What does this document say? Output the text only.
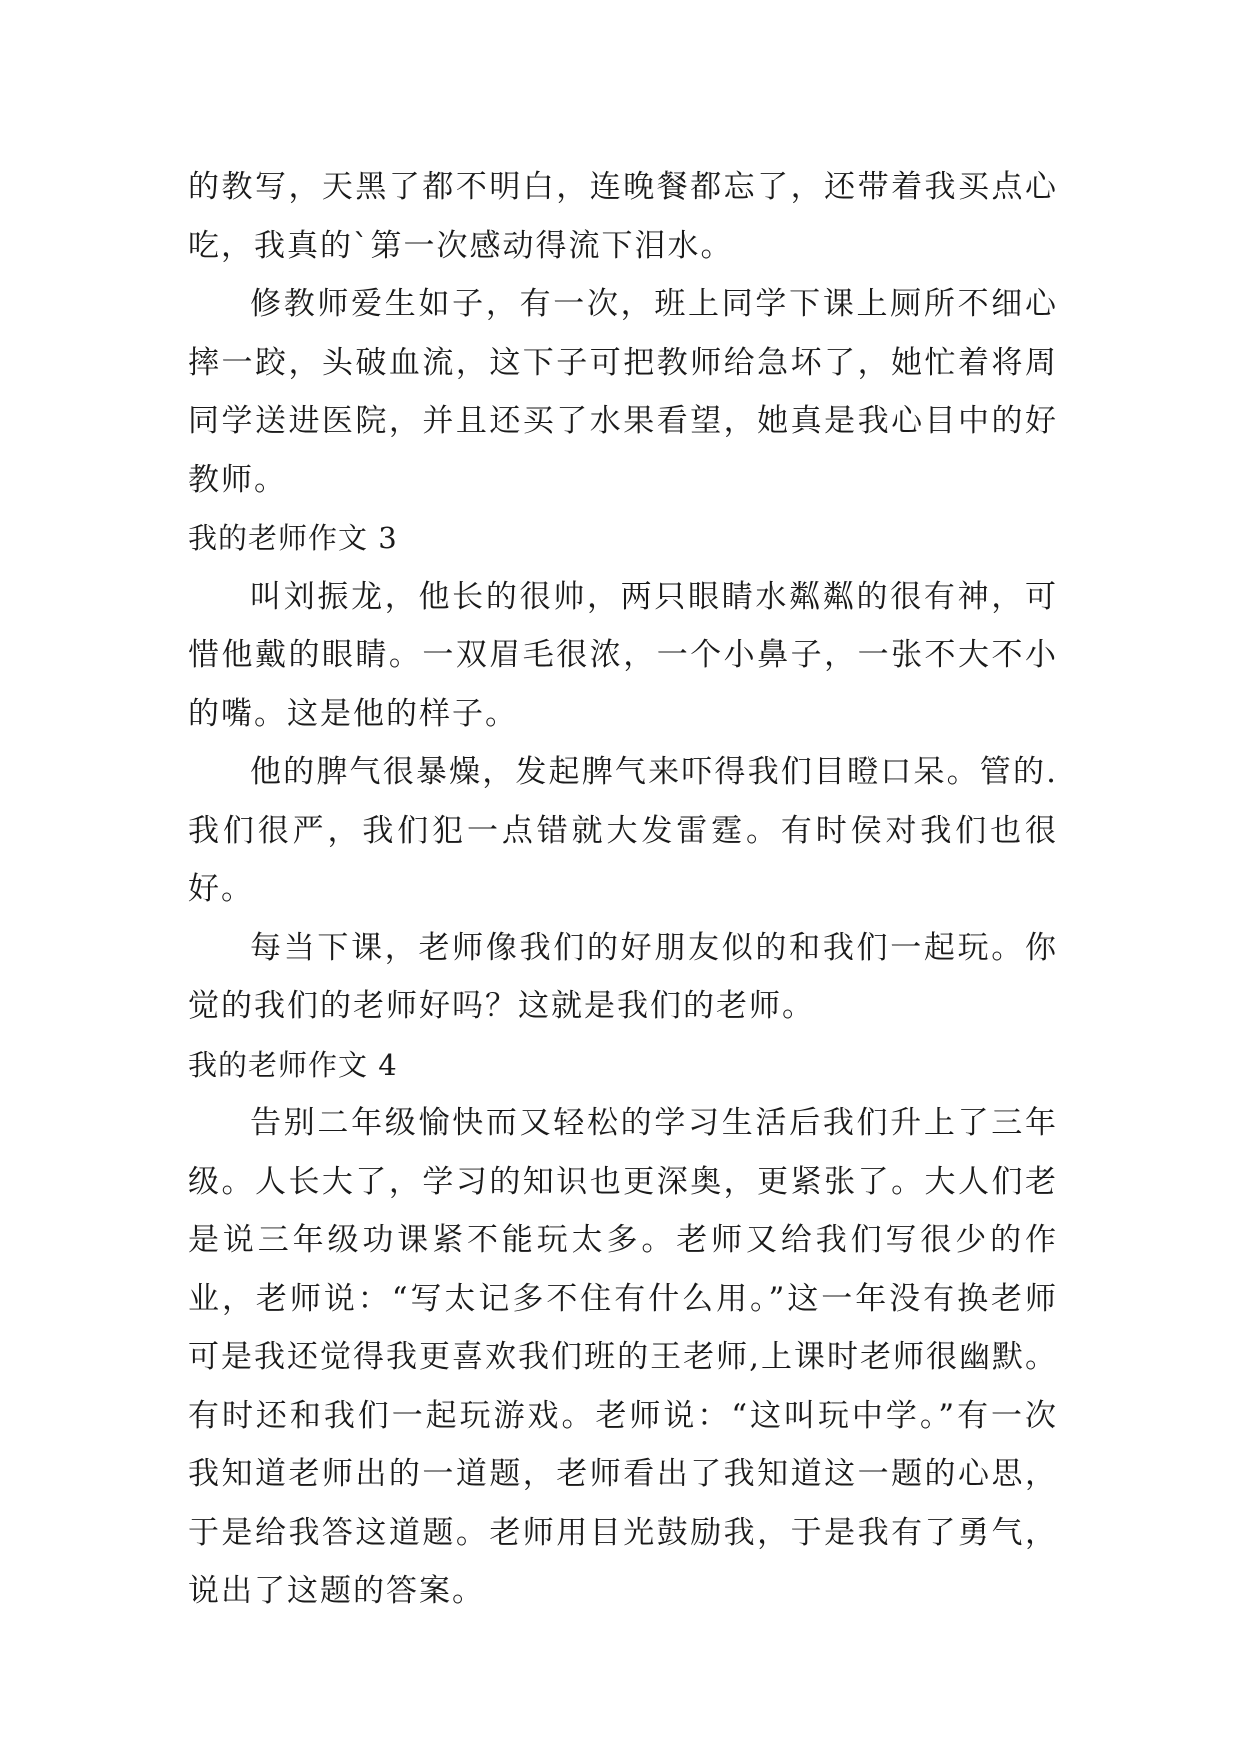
的教写，天黑了都不明白，连晚餐都忘了，还带着我买点心吃，我真的`第一次感动得流下泪水。

修教师爱生如子，有一次，班上同学下课上厕所不细心摔一跤，头破血流，这下子可把教师给急坏了，她忙着将周同学送进医院，并且还买了水果看望，她真是我心目中的好教师。

我的老师作文 3

叫刘振龙，他长的很帅，两只眼睛水粼粼的很有神，可惜他戴的眼睛。一双眉毛很浓，一个小鼻子，一张不大不小的嘴。这是他的样子。

他的脾气很暴燥，发起脾气来吓得我们目瞪口呆。管的.我们很严，我们犯一点错就大发雷霆。有时侯对我们也很好。

每当下课，老师像我们的好朋友似的和我们一起玩。你觉的我们的老师好吗？这就是我们的老师。

我的老师作文 4

告别二年级愉快而又轻松的学习生活后我们升上了三年级。人长大了，学习的知识也更深奥，更紧张了。大人们老是说三年级功课紧不能玩太多。老师又给我们写很少的作业，老师说：“写太记多不住有什么用。”这一年没有换老师可是我还觉得我更喜欢我们班的王老师,上课时老师很幽默。有时还和我们一起玩游戏。老师说：“这叫玩中学。”有一次我知道老师出的一道题，老师看出了我知道这一题的心思，于是给我答这道题。老师用目光鼓励我，于是我有了勇气，说出了这题的答案。
